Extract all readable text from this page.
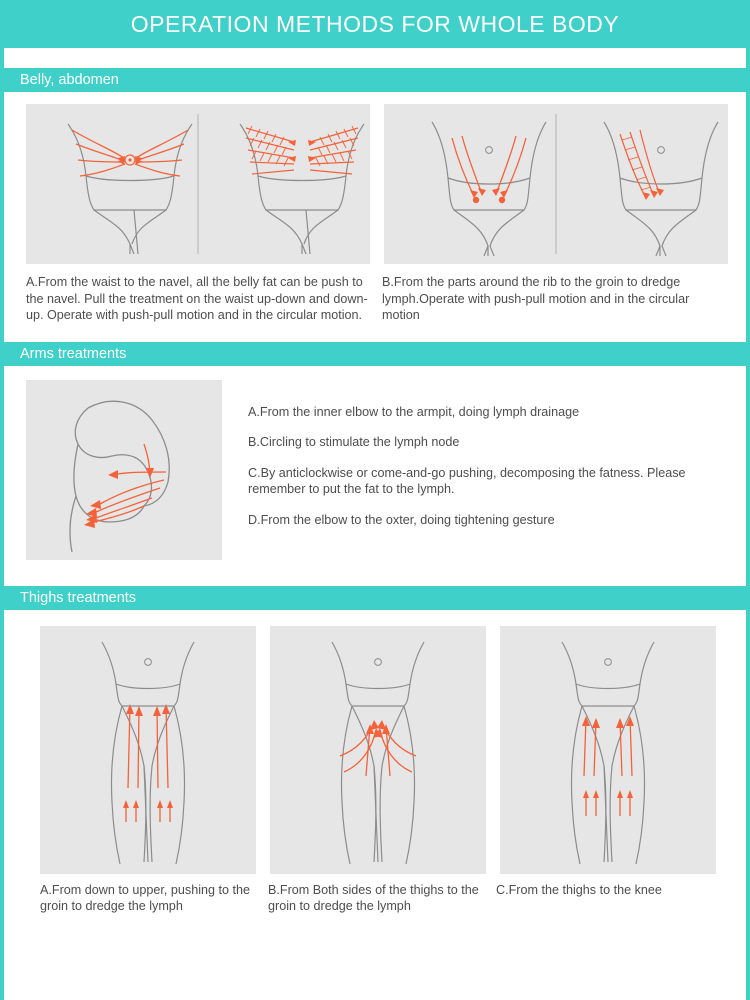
OPERATION METHODS FOR WHOLE BODY
Belly, abdomen
A.From the waist to the navel, all the belly fat can be push to the navel. Pull the treatment on the waist up-down and down-up. Operate with push-pull motion and in the circular motion.
B.From the parts around the rib to the groin to dredge lymph.Operate with push-pull motion and in the circular motion
Arms treatments

A.From the inner elbow to the armpit, doing lymph drainage

B.Circling to stimulate the lymph node

C.By anticlockwise or come-and-go pushing, decomposing the fatness. Please remember to put the fat to the lymph.

D.From the elbow to the oxter, doing tightening gesture

Thighs treatments
A.From down to upper, pushing to the groin to dredge the lymph
B.From Both sides of the thighs to the groin to dredge the lymph
C.From the thighs to the knee
